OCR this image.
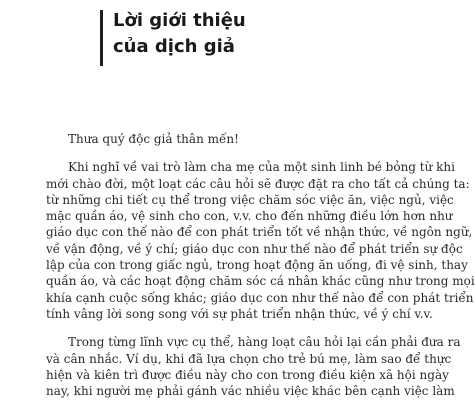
Lời giới thiệu
của dịch giả

Thưa quý độc giả thân mến!

Khi nghĩ về vai trò làm cha mẹ của một sinh linh bé bỏng từ khi
mới chào đời, một loạt các câu hỏi sẽ được đặt ra cho tất cả chúng ta:
từ những chi tiết cụ thể trong việc chăm sóc việc ăn, việc ngủ, việc
mặc quần áo, vệ sinh cho con, v.v. cho đến những điều lớn hơn như
giáo dục con thế nào để con phát triển tốt về nhận thức, về ngôn ngữ,
về vận động, về ý chí; giáo dục con như thế nào để phát triển sự độc
lập của con trong giấc ngủ, trong hoạt động ăn uống, đi vệ sinh, thay
quần áo, và các hoạt động chăm sóc cá nhân khác cũng như trong mọi
khía cạnh cuộc sống khác; giáo dục con như thế nào để con phát triển
tính vâng lời song song với sự phát triển nhận thức, về ý chí v.v.

Trong từng lĩnh vực cụ thể, hàng loạt câu hỏi lại cần phải đưa ra
và cân nhắc. Ví dụ, khi đã lựa chọn cho trẻ bú mẹ, làm sao để thực
hiện và kiên trì được điều này cho con trong điều kiện xã hội ngày
nay, khi người mẹ phải gánh vác nhiều việc khác bên cạnh việc làm
